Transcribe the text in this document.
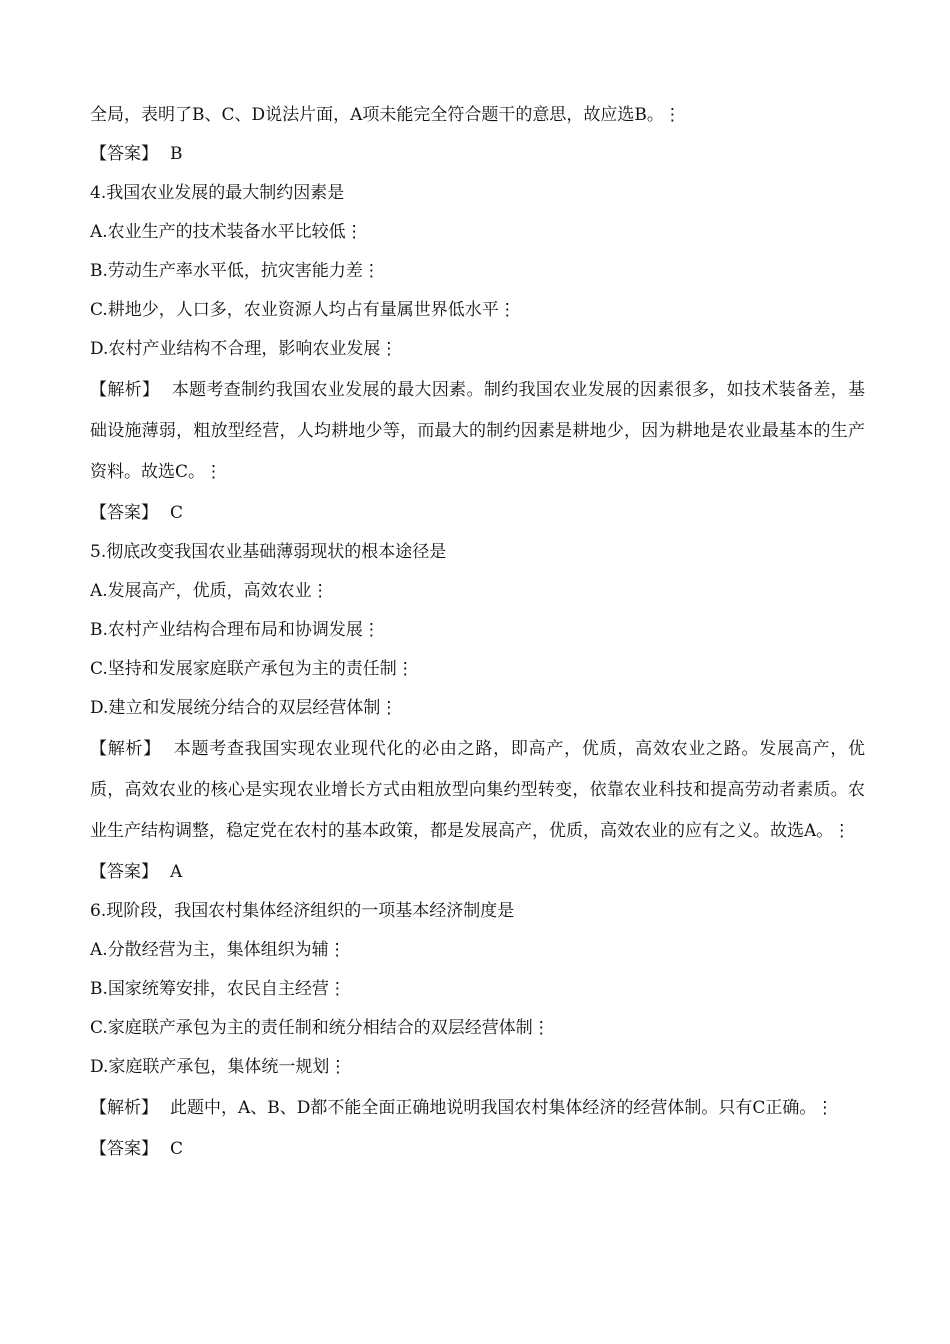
全局，表明了B、C、D说法片面，A项未能完全符合题干的意思，故应选B。⋮
【答案】 B
4.我国农业发展的最大制约因素是
A.农业生产的技术装备水平比较低⋮
B.劳动生产率水平低，抗灾害能力差⋮
C.耕地少，人口多，农业资源人均占有量属世界低水平⋮
D.农村产业结构不合理，影响农业发展⋮

【解析】 本题考查制约我国农业发展的最大因素。制约我国农业发展的因素很多，如技术装备差，基础设施薄弱，粗放型经营，人均耕地少等，而最大的制约因素是耕地少，因为耕地是农业最基本的生产资料。故选C。⋮

【答案】 C
5.彻底改变我国农业基础薄弱现状的根本途径是
A.发展高产，优质，高效农业⋮
B.农村产业结构合理布局和协调发展⋮
C.坚持和发展家庭联产承包为主的责任制⋮
D.建立和发展统分结合的双层经营体制⋮

【解析】 本题考查我国实现农业现代化的必由之路，即高产，优质，高效农业之路。发展高产，优质，高效农业的核心是实现农业增长方式由粗放型向集约型转变，依靠农业科技和提高劳动者素质。农业生产结构调整，稳定党在农村的基本政策，都是发展高产，优质，高效农业的应有之义。故选A。⋮

【答案】 A
6.现阶段，我国农村集体经济组织的一项基本经济制度是
A.分散经营为主，集体组织为辅⋮
B.国家统筹安排，农民自主经营⋮
C.家庭联产承包为主的责任制和统分相结合的双层经营体制⋮
D.家庭联产承包，集体统一规划⋮

【解析】 此题中，A、B、D都不能全面正确地说明我国农村集体经济的经营体制。只有C正确。⋮

【答案】 C
